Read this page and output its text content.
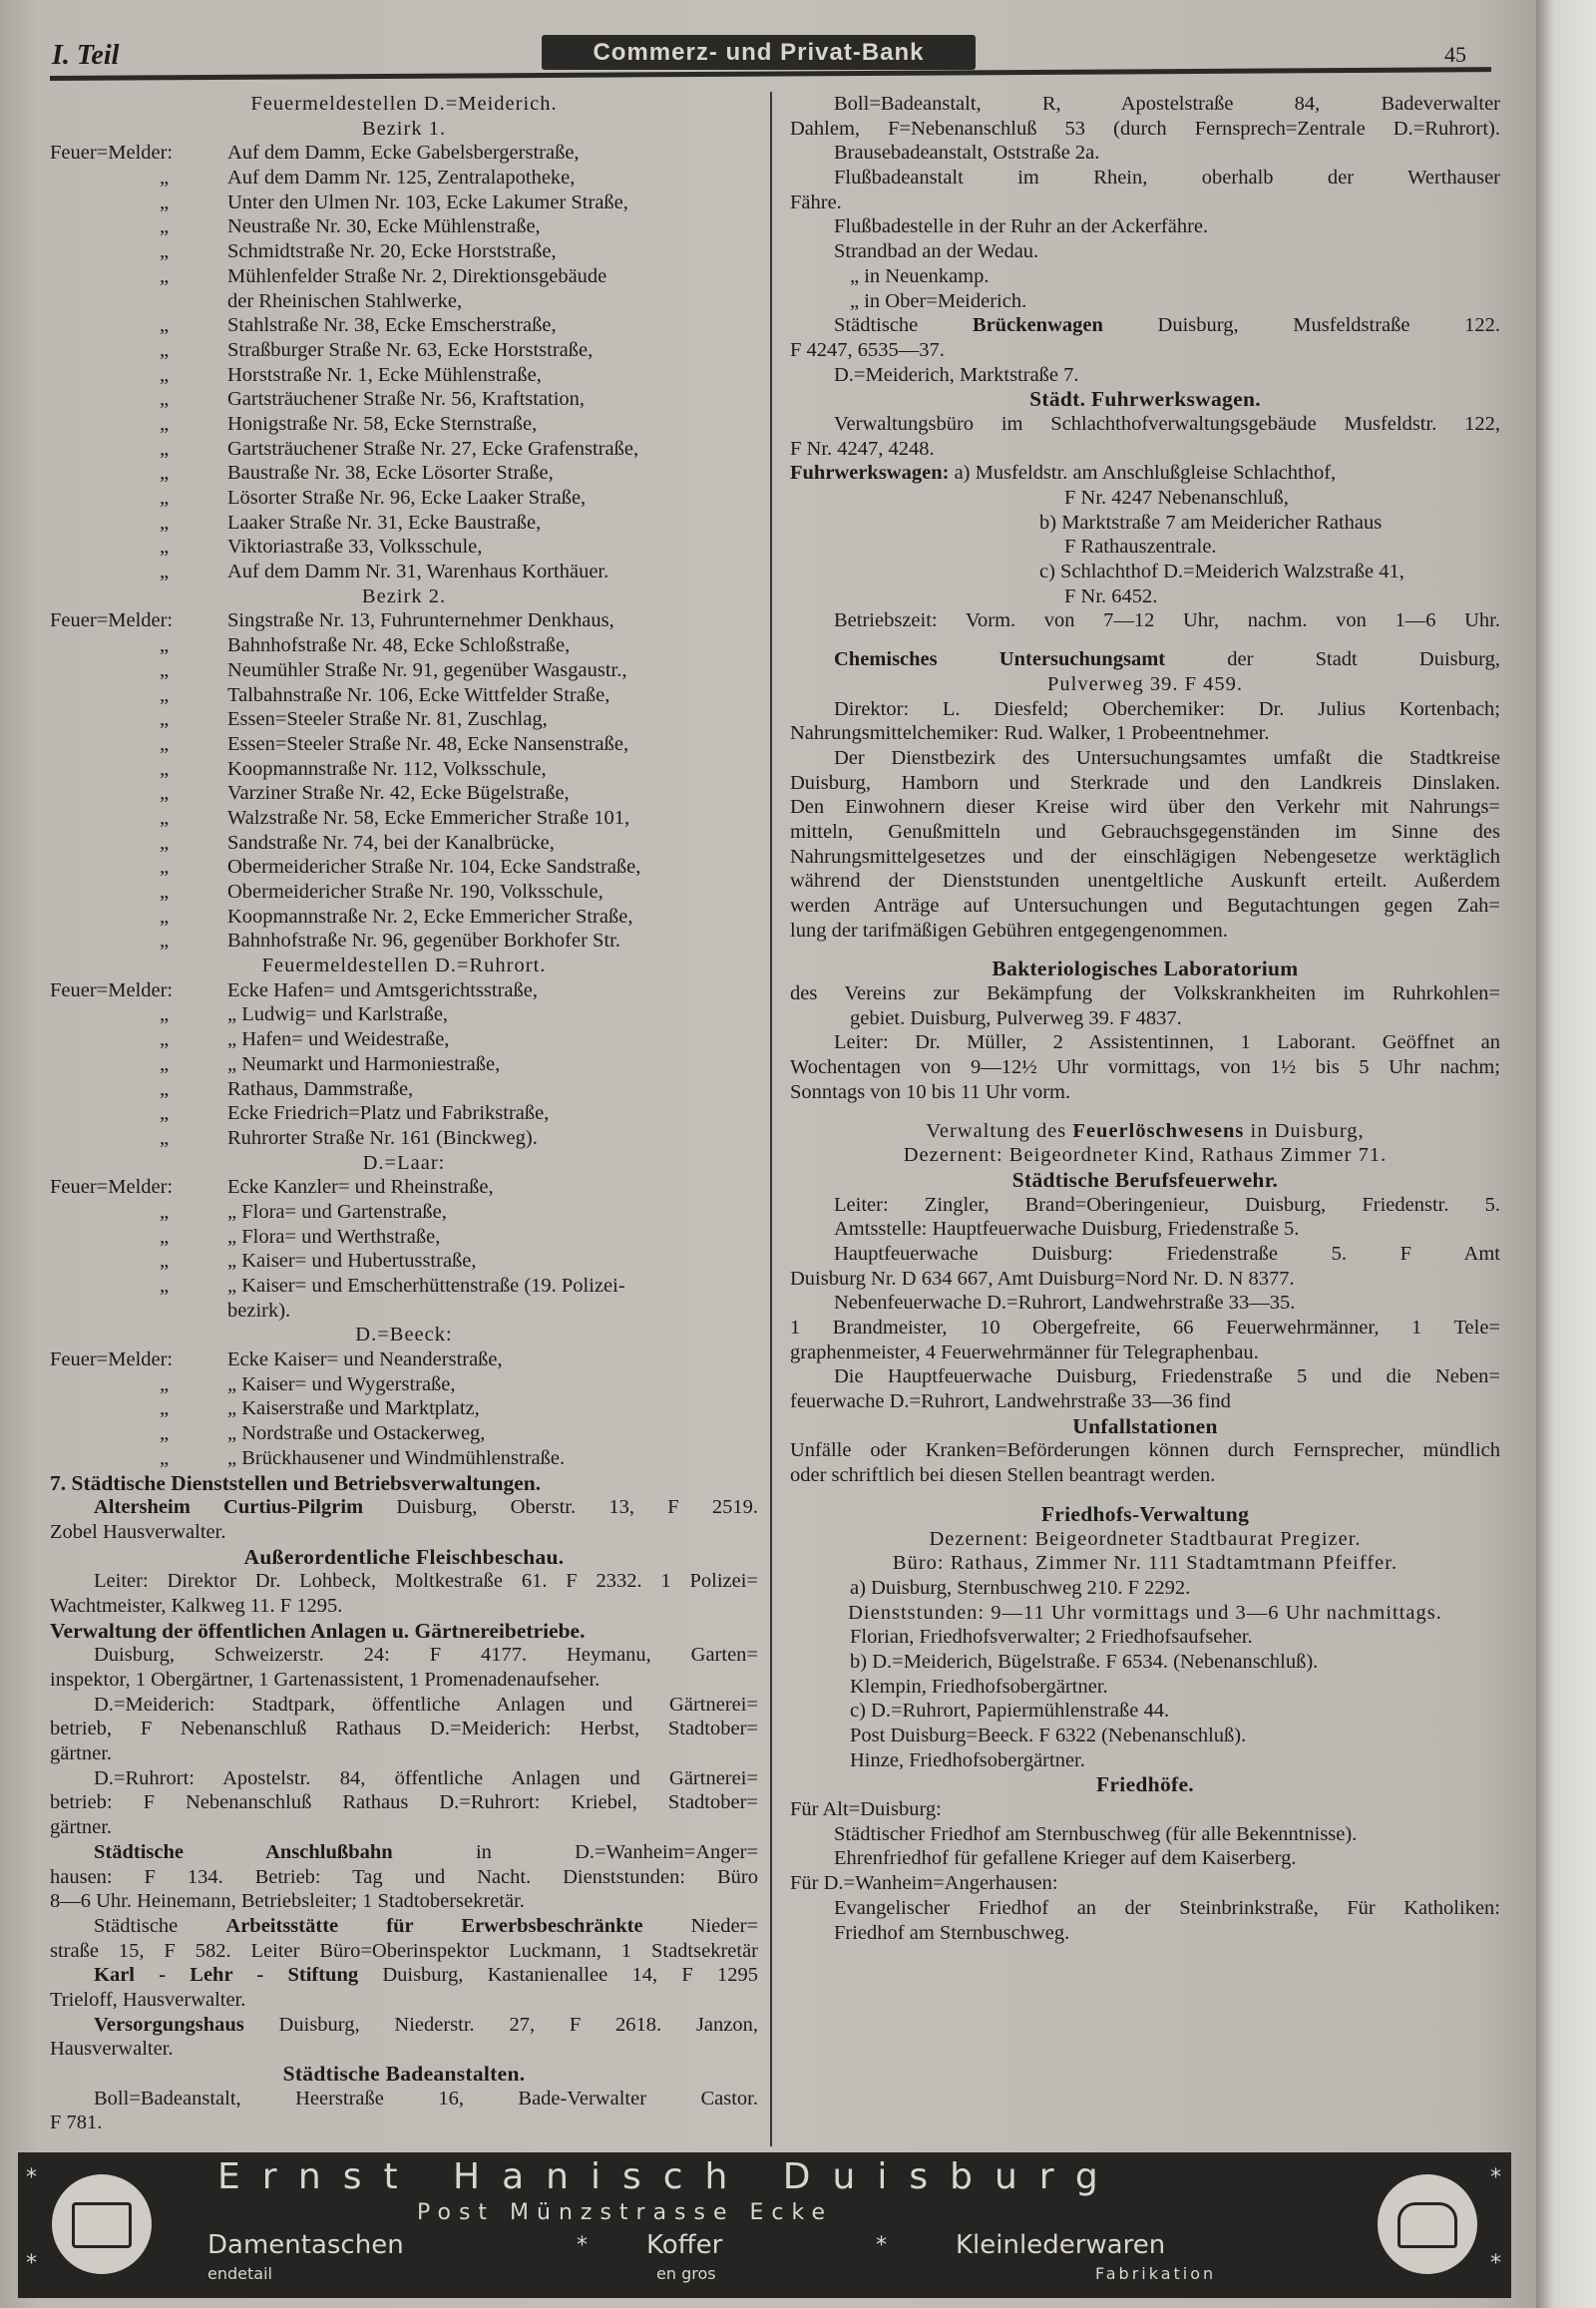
I. Teil	Commerz- und Privat-Bank	45
Feuermeldestellen D.=Meiderich.
Bezirk 1.
Feuer=Melder:	Auf dem Damm, Ecke Gabelsbergerstraße,
„	Auf dem Damm Nr. 125, Zentralapotheke,
„	Unter den Ulmen Nr. 103, Ecke Lakumer Straße,
„	Neustraße Nr. 30, Ecke Mühlenstraße,
„	Schmidtstraße Nr. 20, Ecke Horststraße,
„	Mühlenfelder Straße Nr. 2, Direktionsgebäude
der Rheinischen Stahlwerke,
„	Stahlstraße Nr. 38, Ecke Emscherstraße,
„	Straßburger Straße Nr. 63, Ecke Horststraße,
„	Horststraße Nr. 1, Ecke Mühlenstraße,
„	Gartsträuchener Straße Nr. 56, Kraftstation,
„	Honigstraße Nr. 58, Ecke Sternstraße,
„	Gartsträuchener Straße Nr. 27, Ecke Grafenstraße,
„	Baustraße Nr. 38, Ecke Lösorter Straße,
„	Lösorter Straße Nr. 96, Ecke Laaker Straße,
„	Laaker Straße Nr. 31, Ecke Baustraße,
„	Viktoriastraße 33, Volksschule,
„	Auf dem Damm Nr. 31, Warenhaus Korthäuer.
Bezirk 2.
Feuer=Melder:	Singstraße Nr. 13, Fuhrunternehmer Denkhaus,
„	Bahnhofstraße Nr. 48, Ecke Schloßstraße,
„	Neumühler Straße Nr. 91, gegenüber Wasgaustr.,
„	Talbahnstraße Nr. 106, Ecke Wittfelder Straße,
„	Essen=Steeler Straße Nr. 81, Zuschlag,
„	Essen=Steeler Straße Nr. 48, Ecke Nansenstraße,
„	Koopmannstraße Nr. 112, Volksschule,
„	Varziner Straße Nr. 42, Ecke Bügelstraße,
„	Walzstraße Nr. 58, Ecke Emmericher Straße 101,
„	Sandstraße Nr. 74, bei der Kanalbrücke,
„	Obermeidericher Straße Nr. 104, Ecke Sandstraße,
„	Obermeidericher Straße Nr. 190, Volksschule,
„	Koopmannstraße Nr. 2, Ecke Emmericher Straße,
„	Bahnhofstraße Nr. 96, gegenüber Borkhofer Str.
Feuermeldestellen D.=Ruhrort.
Feuer=Melder:	Ecke Hafen= und Amtsgerichtsstraße,
„	„ Ludwig= und Karlstraße,
„	„ Hafen= und Weidestraße,
„	„ Neumarkt und Harmoniestraße,
„	Rathaus, Dammstraße,
„	Ecke Friedrich=Platz und Fabrikstraße,
„	Ruhrorter Straße Nr. 161 (Binckweg).
D.=Laar:
Feuer=Melder:	Ecke Kanzler= und Rheinstraße,
„	„ Flora= und Gartenstraße,
„	„ Flora= und Werthstraße,
„	„ Kaiser= und Hubertusstraße,
„	„ Kaiser= und Emscherhüttenstraße (19. Polizei-
bezirk).
D.=Beeck:
Feuer=Melder:	Ecke Kaiser= und Neanderstraße,
„	„ Kaiser= und Wygerstraße,
„	„ Kaiserstraße und Marktplatz,
„	„ Nordstraße und Ostackerweg,
„	„ Brückhausener und Windmühlenstraße.
7. Städtische Dienststellen und Betriebsverwaltungen.
Altersheim Curtius-Pilgrim Duisburg, Oberstr. 13, F 2519.
Zobel Hausverwalter.
Außerordentliche Fleischbeschau.
Leiter: Direktor Dr. Lohbeck, Moltkestraße 61. F 2332. 1 Polizei=
Wachtmeister, Kalkweg 11. F 1295.
Verwaltung der öffentlichen Anlagen u. Gärtnereibetriebe.
Duisburg, Schweizerstr. 24: F 4177. Heymanu, Garten=
inspektor, 1 Obergärtner, 1 Gartenassistent, 1 Promenadenaufseher.
D.=Meiderich: Stadtpark, öffentliche Anlagen und Gärtnerei=
betrieb, F Nebenanschluß Rathaus D.=Meiderich: Herbst, Stadtober=
gärtner.
D.=Ruhrort: Apostelstr. 84, öffentliche Anlagen und Gärtnerei=
betrieb: F Nebenanschluß Rathaus D.=Ruhrort: Kriebel, Stadtober=
gärtner.
Städtische Anschlußbahn in D.=Wanheim=Anger=
hausen: F 134. Betrieb: Tag und Nacht. Dienststunden: Büro
8—6 Uhr. Heinemann, Betriebsleiter; 1 Stadtobersekretär.
Städtische Arbeitsstätte für Erwerbsbeschränkte Nieder=
straße 15, F 582. Leiter Büro=Oberinspektor Luckmann, 1 Stadtsekretär
Karl - Lehr - Stiftung Duisburg, Kastanienallee 14, F 1295
Trieloff, Hausverwalter.
Versorgungshaus Duisburg, Niederstr. 27, F 2618. Janzon,
Hausverwalter.
Städtische Badeanstalten.
Boll=Badeanstalt, Heerstraße 16, Bade-Verwalter Castor.
F 781.
Boll=Badeanstalt, R, Apostelstraße 84, Badeverwalter
Dahlem, F=Nebenanschluß 53 (durch Fernsprech=Zentrale D.=Ruhrort).
Brausebadeanstalt, Oststraße 2a.
Flußbadeanstalt im Rhein, oberhalb der Werthauser
Fähre.
Flußbadestelle in der Ruhr an der Ackerfähre.
Strandbad an der Wedau.
„ in Neuenkamp.
„ in Ober=Meiderich.
Städtische Brückenwagen Duisburg, Musfeldstraße 122.
F 4247, 6535—37.
D.=Meiderich, Marktstraße 7.
Städt. Fuhrwerkswagen.
Verwaltungsbüro im Schlachthofverwaltungsgebäude Musfeldstr. 122,
F Nr. 4247, 4248.
Fuhrwerkswagen: a) Musfeldstr. am Anschlußgleise Schlachthof,
F Nr. 4247 Nebenanschluß,
b) Marktstraße 7 am Meidericher Rathaus
F Rathauszentrale.
c) Schlachthof D.=Meiderich Walzstraße 41,
F Nr. 6452.
Betriebszeit: Vorm. von 7—12 Uhr, nachm. von 1—6 Uhr.
Chemisches Untersuchungsamt der Stadt Duisburg,
Pulverweg 39. F 459.
Direktor: L. Diesfeld; Oberchemiker: Dr. Julius Kortenbach;
Nahrungsmittelchemiker: Rud. Walker, 1 Probeentnehmer.
Der Dienstbezirk des Untersuchungsamtes umfaßt die Stadtkreise
Duisburg, Hamborn und Sterkrade und den Landkreis Dinslaken.
Den Einwohnern dieser Kreise wird über den Verkehr mit Nahrungs=
mitteln, Genußmitteln und Gebrauchsgegenständen im Sinne des
Nahrungsmittelgesetzes und der einschlägigen Nebengesetze werktäglich
während der Dienststunden unentgeltliche Auskunft erteilt. Außerdem
werden Anträge auf Untersuchungen und Begutachtungen gegen Zah=
lung der tarifmäßigen Gebühren entgegengenommen.
Bakteriologisches Laboratorium
des Vereins zur Bekämpfung der Volkskrankheiten im Ruhrkohlen=
gebiet. Duisburg, Pulverweg 39. F 4837.
Leiter: Dr. Müller, 2 Assistentinnen, 1 Laborant. Geöffnet an
Wochentagen von 9—12½ Uhr vormittags, von 1½ bis 5 Uhr nachm;
Sonntags von 10 bis 11 Uhr vorm.
Verwaltung des Feuerlöschwesens in Duisburg,
Dezernent: Beigeordneter Kind, Rathaus Zimmer 71.
Städtische Berufsfeuerwehr.
Leiter: Zingler, Brand=Oberingenieur, Duisburg, Friedenstr. 5.
Amtsstelle: Hauptfeuerwache Duisburg, Friedenstraße 5.
Hauptfeuerwache Duisburg: Friedenstraße 5. F Amt
Duisburg Nr. D 634 667, Amt Duisburg=Nord Nr. D. N 8377.
Nebenfeuerwache D.=Ruhrort, Landwehrstraße 33—35.
1 Brandmeister, 10 Obergefreite, 66 Feuerwehrmänner, 1 Tele=
graphenmeister, 4 Feuerwehrmänner für Telegraphenbau.
Die Hauptfeuerwache Duisburg, Friedenstraße 5 und die Neben=
feuerwache D.=Ruhrort, Landwehrstraße 33—36 find
Unfallstationen
Unfälle oder Kranken=Beförderungen können durch Fernsprecher, mündlich
oder schriftlich bei diesen Stellen beantragt werden.
Friedhofs-Verwaltung
Dezernent: Beigeordneter Stadtbaurat Pregizer.
Büro: Rathaus, Zimmer Nr. 111 Stadtamtmann Pfeiffer.
a) Duisburg, Sternbuschweg 210. F 2292.
Dienststunden: 9—11 Uhr vormittags und 3—6 Uhr nachmittags.
Florian, Friedhofsverwalter; 2 Friedhofsaufseher.
b) D.=Meiderich, Bügelstraße. F 6534. (Nebenanschluß).
Klempin, Friedhofsobergärtner.
c) D.=Ruhrort, Papiermühlenstraße 44.
Post Duisburg=Beeck. F 6322 (Nebenanschluß).
Hinze, Friedhofsobergärtner.
Friedhöfe.
Für Alt=Duisburg:
Städtischer Friedhof am Sternbuschweg (für alle Bekenntnisse).
Ehrenfriedhof für gefallene Krieger auf dem Kaiserberg.
Für D.=Wanheim=Angerhausen:
Evangelischer Friedhof an der Steinbrinkstraße, Für Katholiken:
Friedhof am Sternbuschweg.
*
*
*
*
Ernst Hanisch Duisburg
Post Münzstrasse Ecke
Damentaschen
endetail
* Koffer
en gros
*	Kleinlederwaren
Fabrikation
